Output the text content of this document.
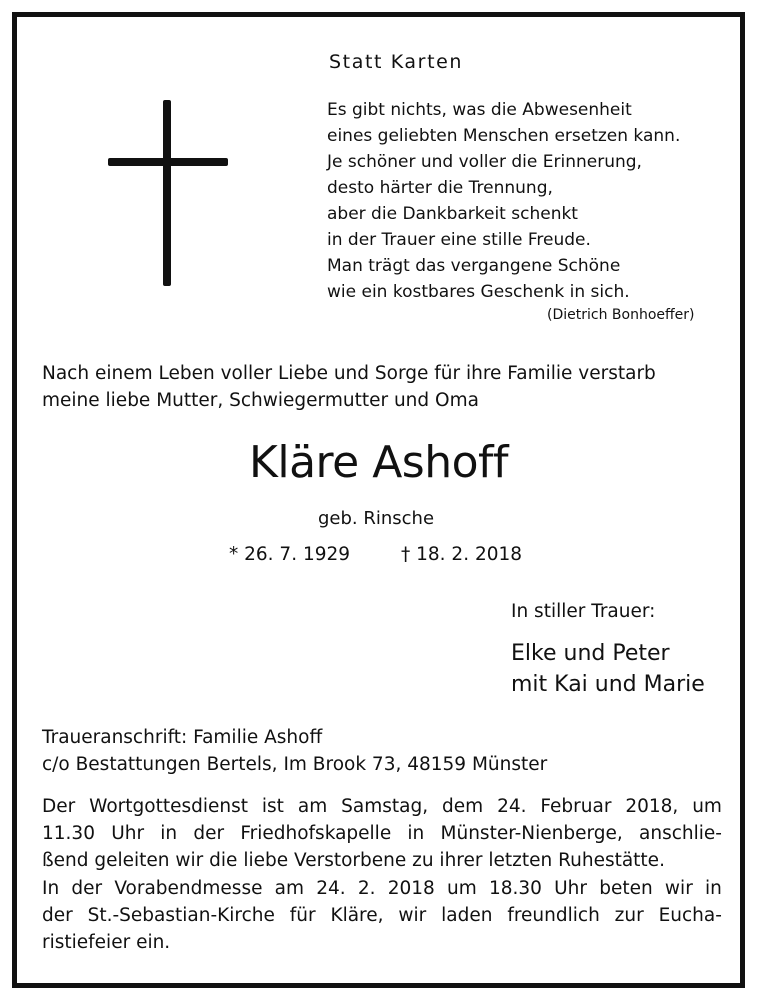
Statt Karten
Es gibt nichts, was die Abwesenheit
eines geliebten Menschen ersetzen kann.
Je schöner und voller die Erinnerung,
desto härter die Trennung,
aber die Dankbarkeit schenkt
in der Trauer eine stille Freude.
Man trägt das vergangene Schöne
wie ein kostbares Geschenk in sich.
(Dietrich Bonhoeffer)
Nach einem Leben voller Liebe und Sorge für ihre Familie verstarb
meine liebe Mutter, Schwiegermutter und Oma
Kläre Ashoff
geb. Rinsche
* 26. 7. 1929	† 18. 2. 2018
In stiller Trauer:
Elke und Peter
mit Kai und Marie
Traueranschrift: Familie Ashoff
c/o Bestattungen Bertels, Im Brook 73, 48159 Münster
Der Wortgottesdienst ist am Samstag, dem 24. Februar 2018, um
11.30 Uhr in der Friedhofskapelle in Münster-Nienberge, anschlie-
ßend geleiten wir die liebe Verstorbene zu ihrer letzten Ruhestätte.
In der Vorabendmesse am 24. 2. 2018 um 18.30 Uhr beten wir in
der St.-Sebastian-Kirche für Kläre, wir laden freundlich zur Eucha-
ristiefeier ein.
